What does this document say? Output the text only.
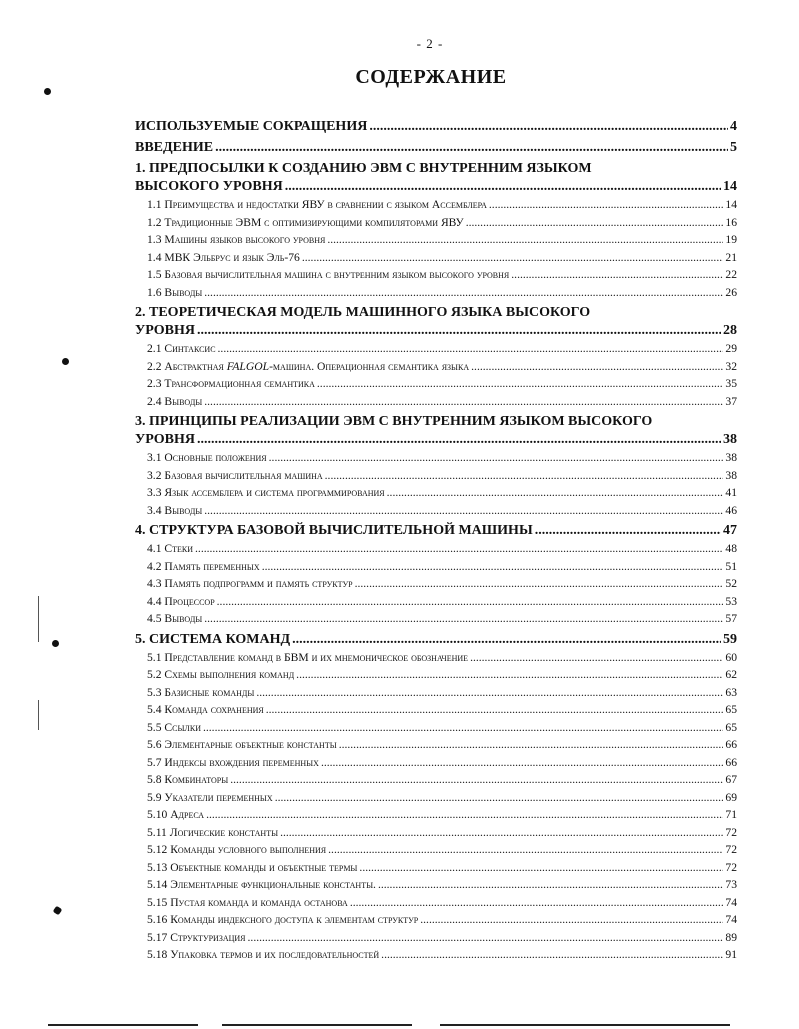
- 2 -
СОДЕРЖАНИЕ
ИСПОЛЬЗУЕМЫЕ СОКРАЩЕНИЯ .....	4
ВВЕДЕНИЕ .....	5
1. ПРЕДПОСЫЛКИ К СОЗДАНИЮ ЭВМ С ВНУТРЕННИМ ЯЗЫКОМ
ВЫСОКОГО УРОВНЯ .....	14
1.1 Преимущества и недостатки ЯВУ в сравнении с языком Ассемблера .....	14
1.2 Традиционные ЭВМ с оптимизирующими компиляторами ЯВУ .....	16
1.3 Машины языков высокого уровня .....	19
1.4 МВК Эльбрус и язык Эль-76 .....	21
1.5 Базовая вычислительная машина с внутренним языком высокого уровня .....	22
1.6 Выводы .....	26
2. ТЕОРЕТИЧЕСКАЯ МОДЕЛЬ МАШИННОГО ЯЗЫКА ВЫСОКОГО
УРОВНЯ .....	28
2.1 Синтаксис .....	29
2.2 Абстрактная FALGOL-машина. Операционная семантика языка .....	32
2.3 Трансформационная семантика .....	35
2.4 Выводы .....	37
3. ПРИНЦИПЫ РЕАЛИЗАЦИИ ЭВМ С ВНУТРЕННИМ ЯЗЫКОМ ВЫСОКОГО
УРОВНЯ .....	38
3.1 Основные положения .....	38
3.2 Базовая вычислительная машина .....	38
3.3 Язык ассемблера и система программирования .....	41
3.4 Выводы .....	46
4. СТРУКТУРА БАЗОВОЙ ВЫЧИСЛИТЕЛЬНОЙ МАШИНЫ .....	47
4.1 Стеки .....	48
4.2 Память переменных .....	51
4.3 Память подпрограмм и память структур .....	52
4.4 Процессор .....	53
4.5 Выводы .....	57
5. СИСТЕМА КОМАНД .....	59
5.1 Представление команд в БВМ и их мнемоническое обозначение .....	60
5.2 Схемы выполнения команд .....	62
5.3 Базисные команды .....	63
5.4 Команда сохранения .....	65
5.5 Ссылки .....	65
5.6 Элементарные объектные константы .....	66
5.7 Индексы вхождения переменных .....	66
5.8 Комбинаторы .....	67
5.9 Указатели переменных .....	69
5.10 Адреса .....	71
5.11 Логические константы .....	72
5.12 Команды условного выполнения .....	72
5.13 Объектные команды и объектные термы .....	72
5.14 Элементарные функциональные константы. .....	73
5.15 Пустая команда и команда останова .....	74
5.16 Команды индексного доступа к элементам структур .....	74
5.17 Структуризация .....	89
5.18 Упаковка термов и их последовательностей .....	91
